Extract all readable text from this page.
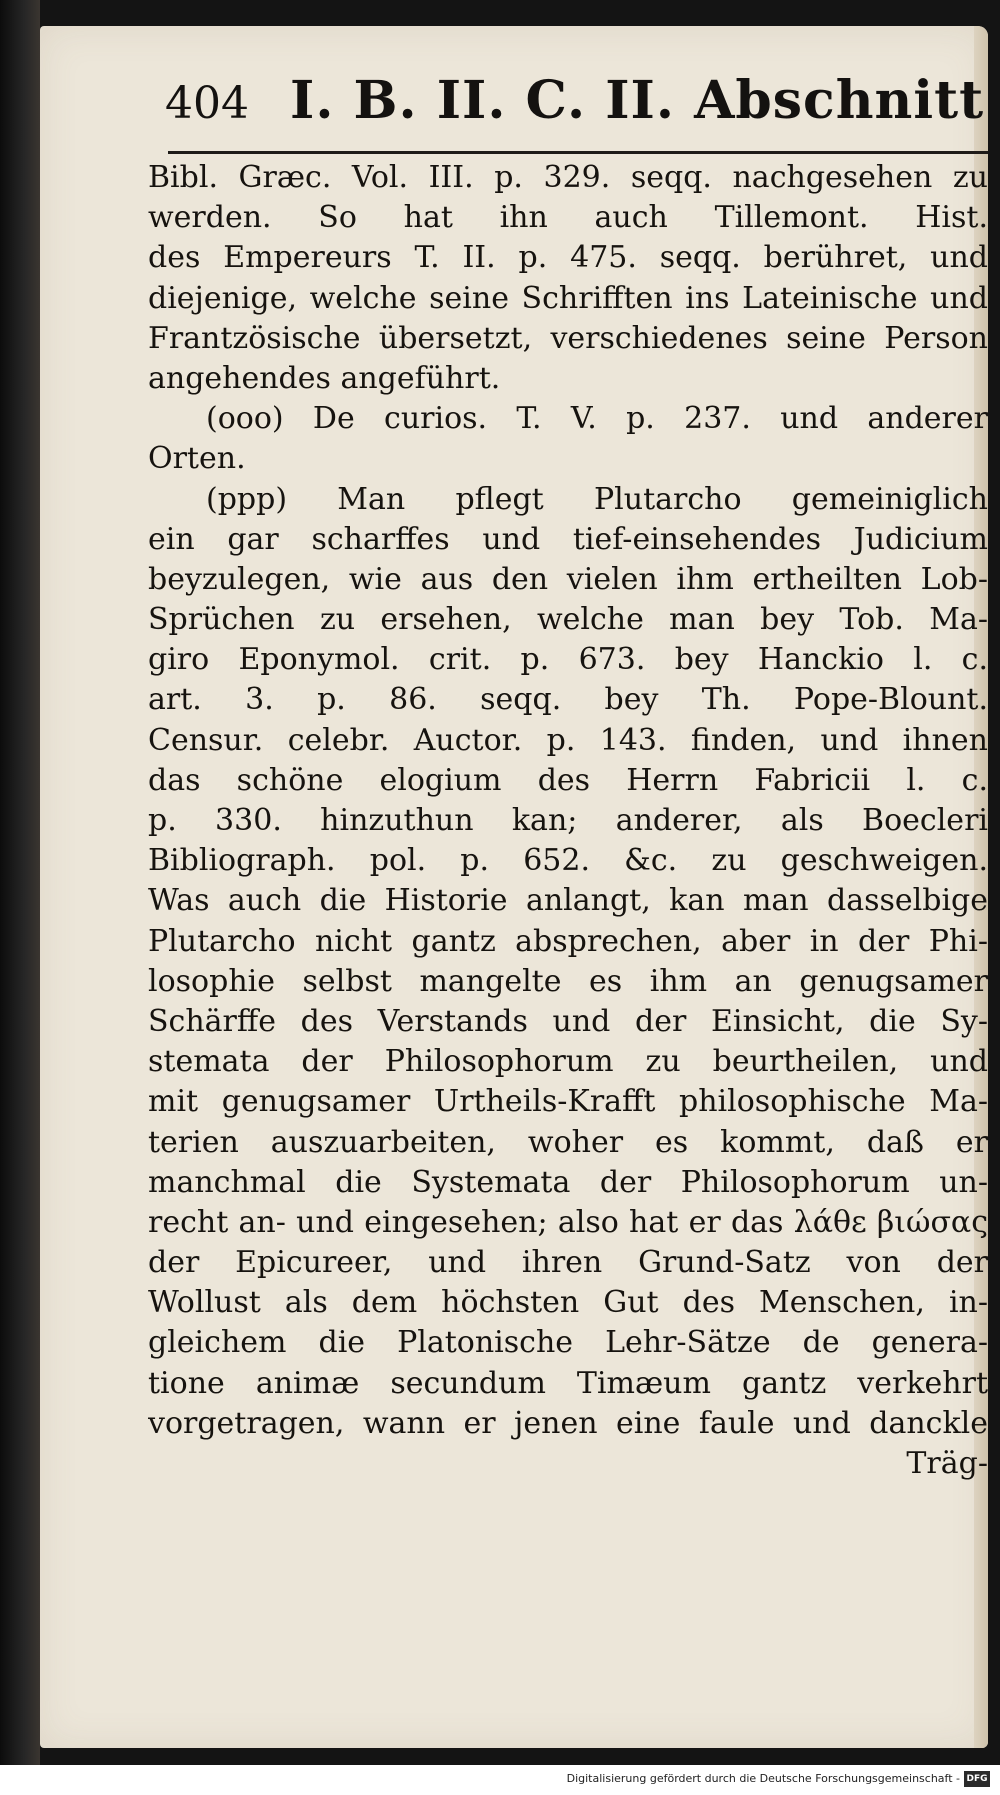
404 I. B. II. C. II. Abschnitt
Bibl. Græc. Vol. III. p. 329. seqq. nachgesehen zu
werden. So hat ihn auch Tillemont. Hist.
des Empereurs T. II. p. 475. seqq. berühret, und
diejenige, welche seine Schrifften ins Lateinische und
Frantzösische übersetzt, verschiedenes seine Person
angehendes angeführt.
(ooo) De curios. T. V. p. 237. und anderer
Orten.
(ppp) Man pflegt Plutarcho gemeiniglich
ein gar scharffes und tief-einsehendes Judicium
beyzulegen, wie aus den vielen ihm ertheilten Lob-
Sprüchen zu ersehen, welche man bey Tob. Ma-
giro Eponymol. crit. p. 673. bey Hanckio l. c.
art. 3. p. 86. seqq. bey Th. Pope-Blount.
Censur. celebr. Auctor. p. 143. finden, und ihnen
das schöne elogium des Herrn Fabricii l. c.
p. 330. hinzuthun kan; anderer, als Boecleri
Bibliograph. pol. p. 652. &c. zu geschweigen.
Was auch die Historie anlangt, kan man dasselbige
Plutarcho nicht gantz absprechen, aber in der Phi-
losophie selbst mangelte es ihm an genugsamer
Schärffe des Verstands und der Einsicht, die Sy-
stemata der Philosophorum zu beurtheilen, und
mit genugsamer Urtheils-Krafft philosophische Ma-
terien auszuarbeiten, woher es kommt, daß er
manchmal die Systemata der Philosophorum un-
recht an- und eingesehen; also hat er das λάθε βιώσας
der Epicureer, und ihren Grund-Satz von der
Wollust als dem höchsten Gut des Menschen, in-
gleichem die Platonische Lehr-Sätze de genera-
tione animæ secundum Timæum gantz verkehrt
vorgetragen, wann er jenen eine faule und danckle
Träg-
Digitalisierung gefördert durch die Deutsche Forschungsgemeinschaft - DFG
